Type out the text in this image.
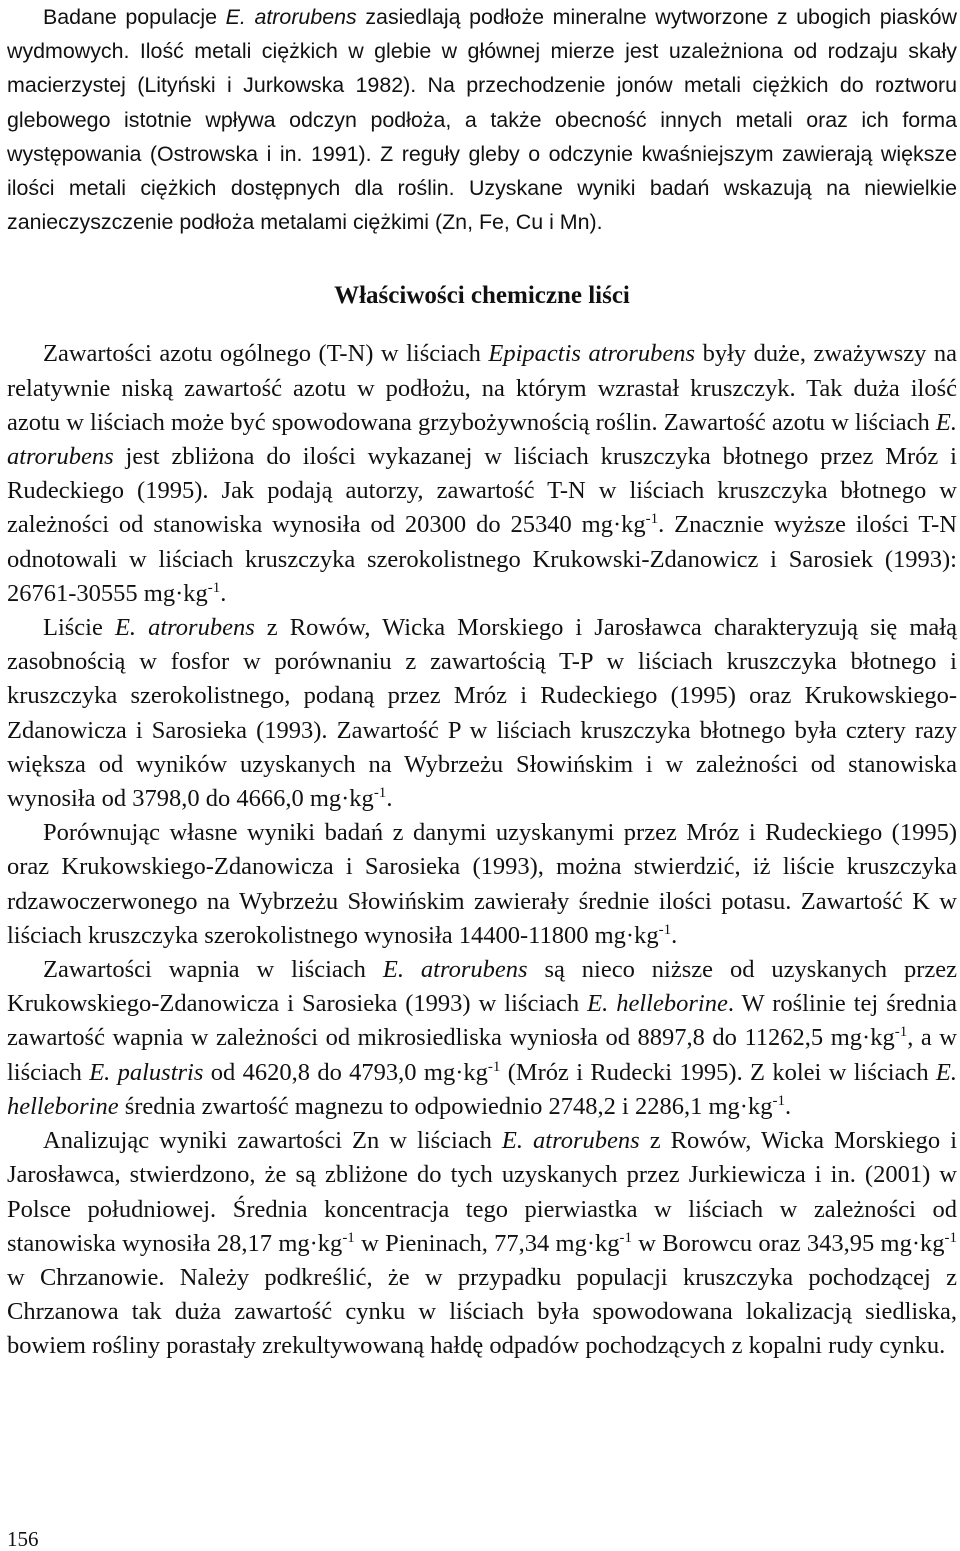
Badane populacje E. atrorubens zasiedlają podłoże mineralne wytworzone z ubogich piasków wydmowych. Ilość metali ciężkich w glebie w głównej mierze jest uzależniona od rodzaju skały macierzystej (Lityński i Jurkowska 1982). Na przechodzenie jonów metali ciężkich do roztworu glebowego istotnie wpływa odczyn podłoża, a także obecność innych metali oraz ich forma występowania (Ostrowska i in. 1991). Z reguły gleby o odczynie kwaśniejszym zawierają większe ilości metali ciężkich dostępnych dla roślin. Uzyskane wyniki badań wskazują na niewielkie zanieczyszczenie podłoża metalami ciężkimi (Zn, Fe, Cu i Mn).

Właściwości chemiczne liści

Zawartości azotu ogólnego (T-N) w liściach Epipactis atrorubens były duże, zważywszy na relatywnie niską zawartość azotu w podłożu, na którym wzrastał kruszczyk. Tak duża ilość azotu w liściach może być spowodowana grzybożywnością roślin. Zawartość azotu w liściach E. atrorubens jest zbliżona do ilości wykazanej w liściach kruszczyka błotnego przez Mróz i Rudeckiego (1995). Jak podają autorzy, zawartość T-N w liściach kruszczyka błotnego w zależności od stanowiska wynosiła od 20300 do 25340 $mg\cdot kg^{-1}$. Znacznie wyższe ilości T-N odnotowali w liściach kruszczyka szerokolistnego Krukowski-Zdanowicz i Sarosiek (1993): 26761-30555 $mg\cdot kg^{-1}$.

Liście E. atrorubens z Rowów, Wicka Morskiego i Jarosławca charakteryzują się małą zasobnością w fosfor w porównaniu z zawartością T-P w liściach kruszczyka błotnego i kruszczyka szerokolistnego, podaną przez Mróz i Rudeckiego (1995) oraz Krukowskiego-Zdanowicza i Sarosieka (1993). Zawartość P w liściach kruszczyka błotnego była cztery razy większa od wyników uzyskanych na Wybrzeżu Słowińskim i w zależności od stanowiska wynosiła od 3798,0 do 4666,0 $mg\cdot kg^{-1}$.

Porównując własne wyniki badań z danymi uzyskanymi przez Mróz i Rudeckiego (1995) oraz Krukowskiego-Zdanowicza i Sarosieka (1993), można stwierdzić, iż liście kruszczyka rdzawoczerwonego na Wybrzeżu Słowińskim zawierały średnie ilości potasu. Zawartość K w liściach kruszczyka szerokolistnego wynosiła 14400-11800 $mg\cdot kg^{-1}$.

Zawartości wapnia w liściach E. atrorubens są nieco niższe od uzyskanych przez Krukowskiego-Zdanowicza i Sarosieka (1993) w liściach E. helleborine. W roślinie tej średnia zawartość wapnia w zależności od mikrosiedliska wyniosła od 8897,8 do 11262,5 $mg\cdot kg^{-1}$, a w liściach E. palustris od 4620,8 do 4793,0 $mg\cdot kg^{-1}$ (Mróz i Rudecki 1995). Z kolei w liściach E. helleborine średnia zwartość magnezu to odpowiednio 2748,2 i 2286,1 $mg\cdot kg^{-1}$.

Analizując wyniki zawartości Zn w liściach E. atrorubens z Rowów, Wicka Morskiego i Jarosławca, stwierdzono, że są zbliżone do tych uzyskanych przez Jurkiewicza i in. (2001) w Polsce południowej. Średnia koncentracja tego pierwiastka w liściach w zależności od stanowiska wynosiła 28,17 $mg\cdot kg^{-1}$ w Pieninach, 77,34 $mg\cdot kg^{-1}$ w Borowcu oraz 343,95 $mg\cdot kg^{-1}$ w Chrzanowie. Należy podkreślić, że w przypadku populacji kruszczyka pochodzącej z Chrzanowa tak duża zawartość cynku w liściach była spowodowana lokalizacją siedliska, bowiem rośliny porastały zrekultywowaną hałdę odpadów pochodzących z kopalni rudy cynku.

156
